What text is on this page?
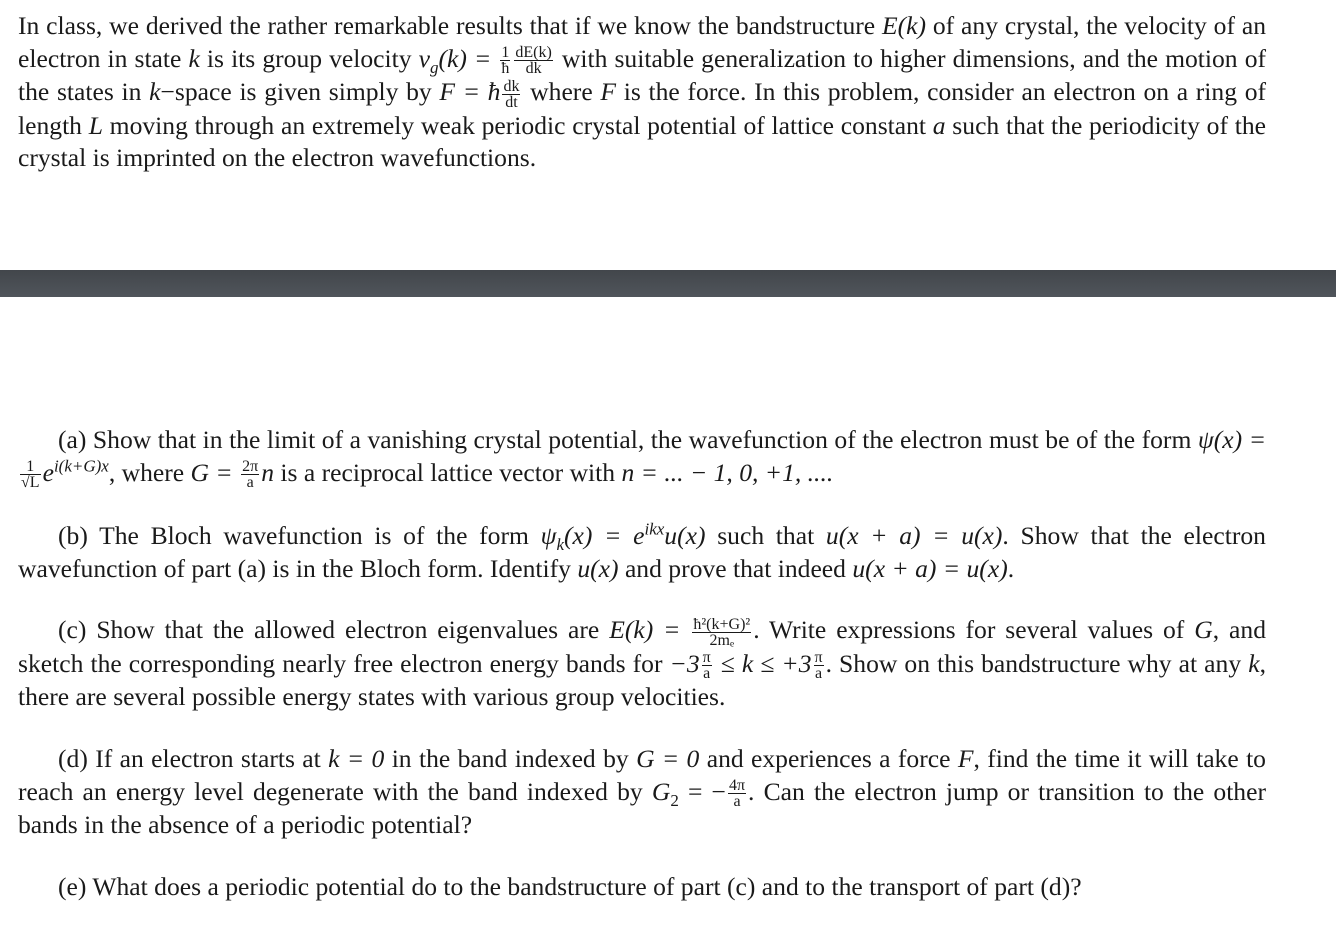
In class, we derived the rather remarkable results that if we know the bandstructure E(k) of any crystal, the velocity of an electron in state k is its group velocity $v_g(k) = \frac{1}{ħ} \frac{dE(k)}{dk}$ with suitable generalization to higher dimensions, and the motion of the states in k−space is given simply by F = ħ $\frac{dk}{dt}$ where F is the force. In this problem, consider an electron on a ring of length L moving through an extremely weak periodic crystal potential of lattice constant a such that the periodicity of the crystal is imprinted on the electron wavefunctions.
(a) Show that in the limit of a vanishing crystal potential, the wavefunction of the electron must be of the form ψ(x) =
$\frac{1}{√L} e^{i(k+G)x}$, where $G = \frac{2\pi}{a}$ n is a reciprocal lattice vector with n = ... − 1, 0, +1, ....
(b) The Bloch wavefunction is of the form $\psi_k(x) = e^{ikx}u(x)$ such that u(x + a) = u(x). Show that the electron wavefunction of part (a) is in the Bloch form. Identify u(x) and prove that indeed u(x + a) = u(x).
(c) Show that the allowed electron eigenvalues are $E(k) = \frac{\text{ħ²(k+G)²}}{\text{2mₑ}}$ . Write expressions for several values of G, and sketch the corresponding nearly free electron energy bands for $-3 \frac{\pi}{a} \le k \le +3 \frac{\pi}{a}$ . Show on this bandstructure why at any k, there are several possible energy states with various group velocities.
(d) If an electron starts at k = 0 in the band indexed by G = 0 and experiences a force F, find the time it will take to reach an energy level degenerate with the band indexed by $G_2$ = − $\frac{4\pi}{a}$ . Can the electron jump or transition to the other bands in the absence of a periodic potential?
(e) What does a periodic potential do to the bandstructure of part (c) and to the transport of part (d)?
